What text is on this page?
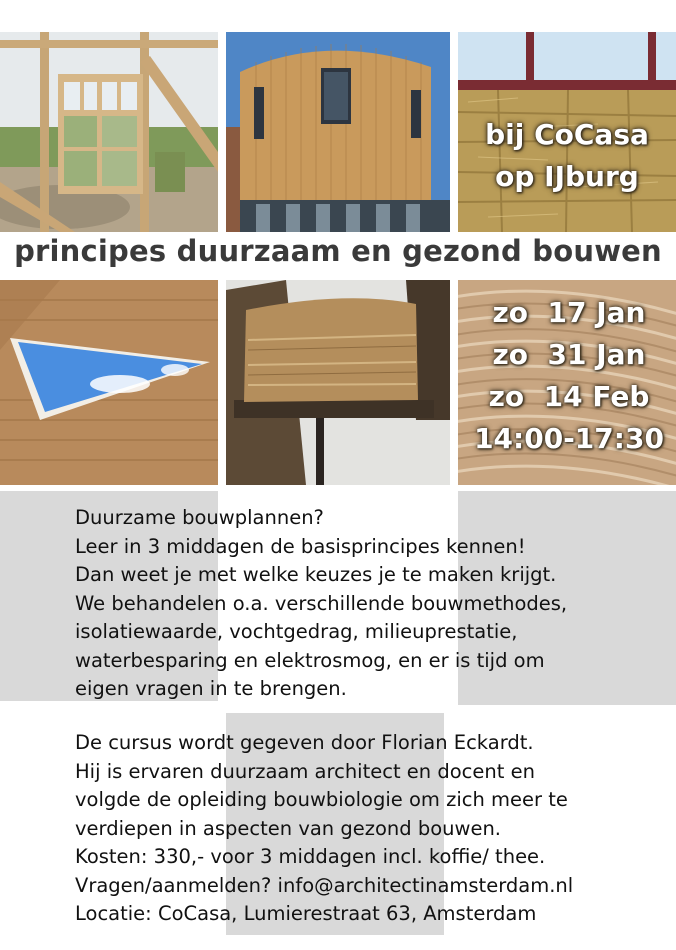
principes duurzaam en gezond bouwen
bij CoCasa
op IJburg
zo  17 Jan
zo  31 Jan
zo  14 Feb
14:00-17:30
Duurzame bouwplannen?
Leer in 3 middagen de basisprincipes kennen!
Dan weet je met welke keuzes je te maken krijgt.
We behandelen o.a. verschillende bouwmethodes,
isolatiewaarde, vochtgedrag, milieuprestatie,
waterbesparing en elektrosmog, en er is tijd om
eigen vragen in te brengen.
De cursus wordt gegeven door Florian Eckardt.
Hij is ervaren duurzaam architect en docent en
volgde de opleiding bouwbiologie om zich meer te
verdiepen in aspecten van gezond bouwen.
Kosten: 330,- voor 3 middagen incl. koffie/ thee.
Vragen/aanmelden? info@architectinamsterdam.nl
Locatie: CoCasa, Lumierestraat 63, Amsterdam
